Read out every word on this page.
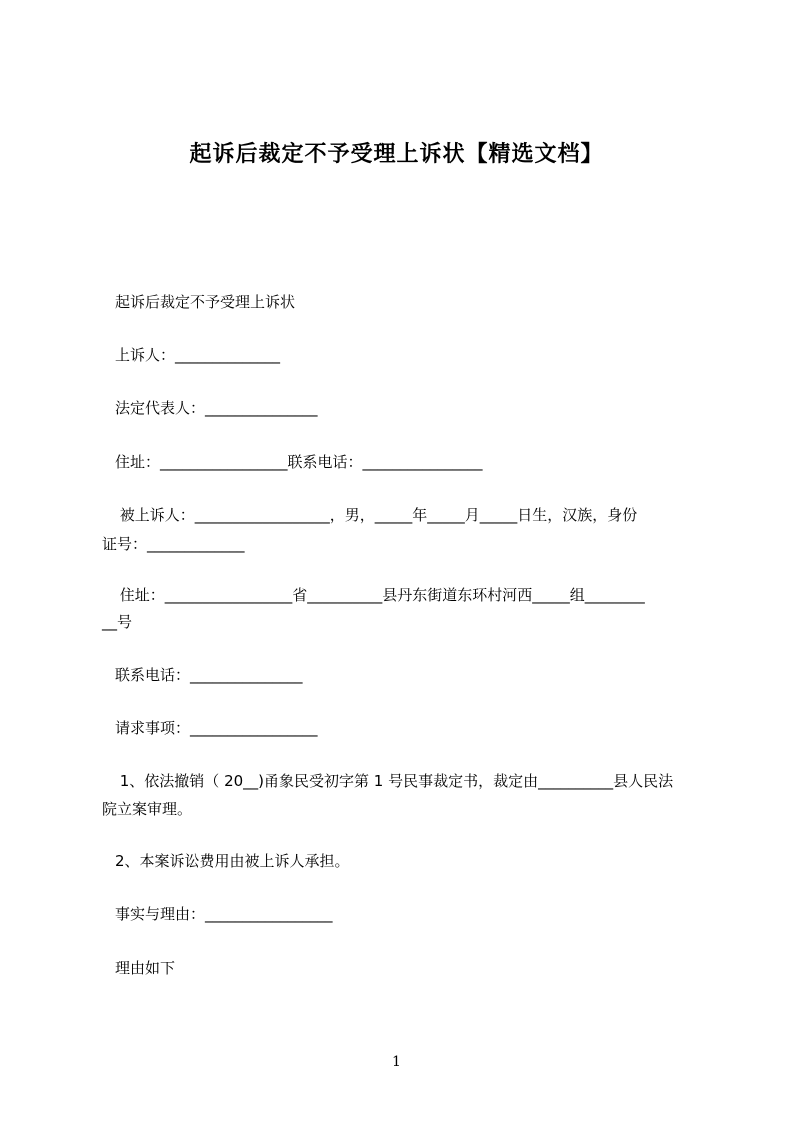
起诉后裁定不予受理上诉状【精选文档】
　　　起诉后裁定不予受理上诉状
　　　上诉人：______________
　　　法定代表人：_______________
　　　住址：_________________联系电话：________________
　　　 被上诉人：__________________，男，_____年_____月_____日生，汉族，身份
证号：_____________
　　　 住址：_________________省__________县丹东街道东环村河西_____组________
__号
　　　联系电话：_______________
　　　请求事项：_________________
　　　 1、依法撤销（ 20__)甬象民受初字第 1 号民事裁定书，裁定由__________县人民法
院立案审理。
　　　2、本案诉讼费用由被上诉人承担。
　　　事实与理由：_________________
　　　理由如下
1
